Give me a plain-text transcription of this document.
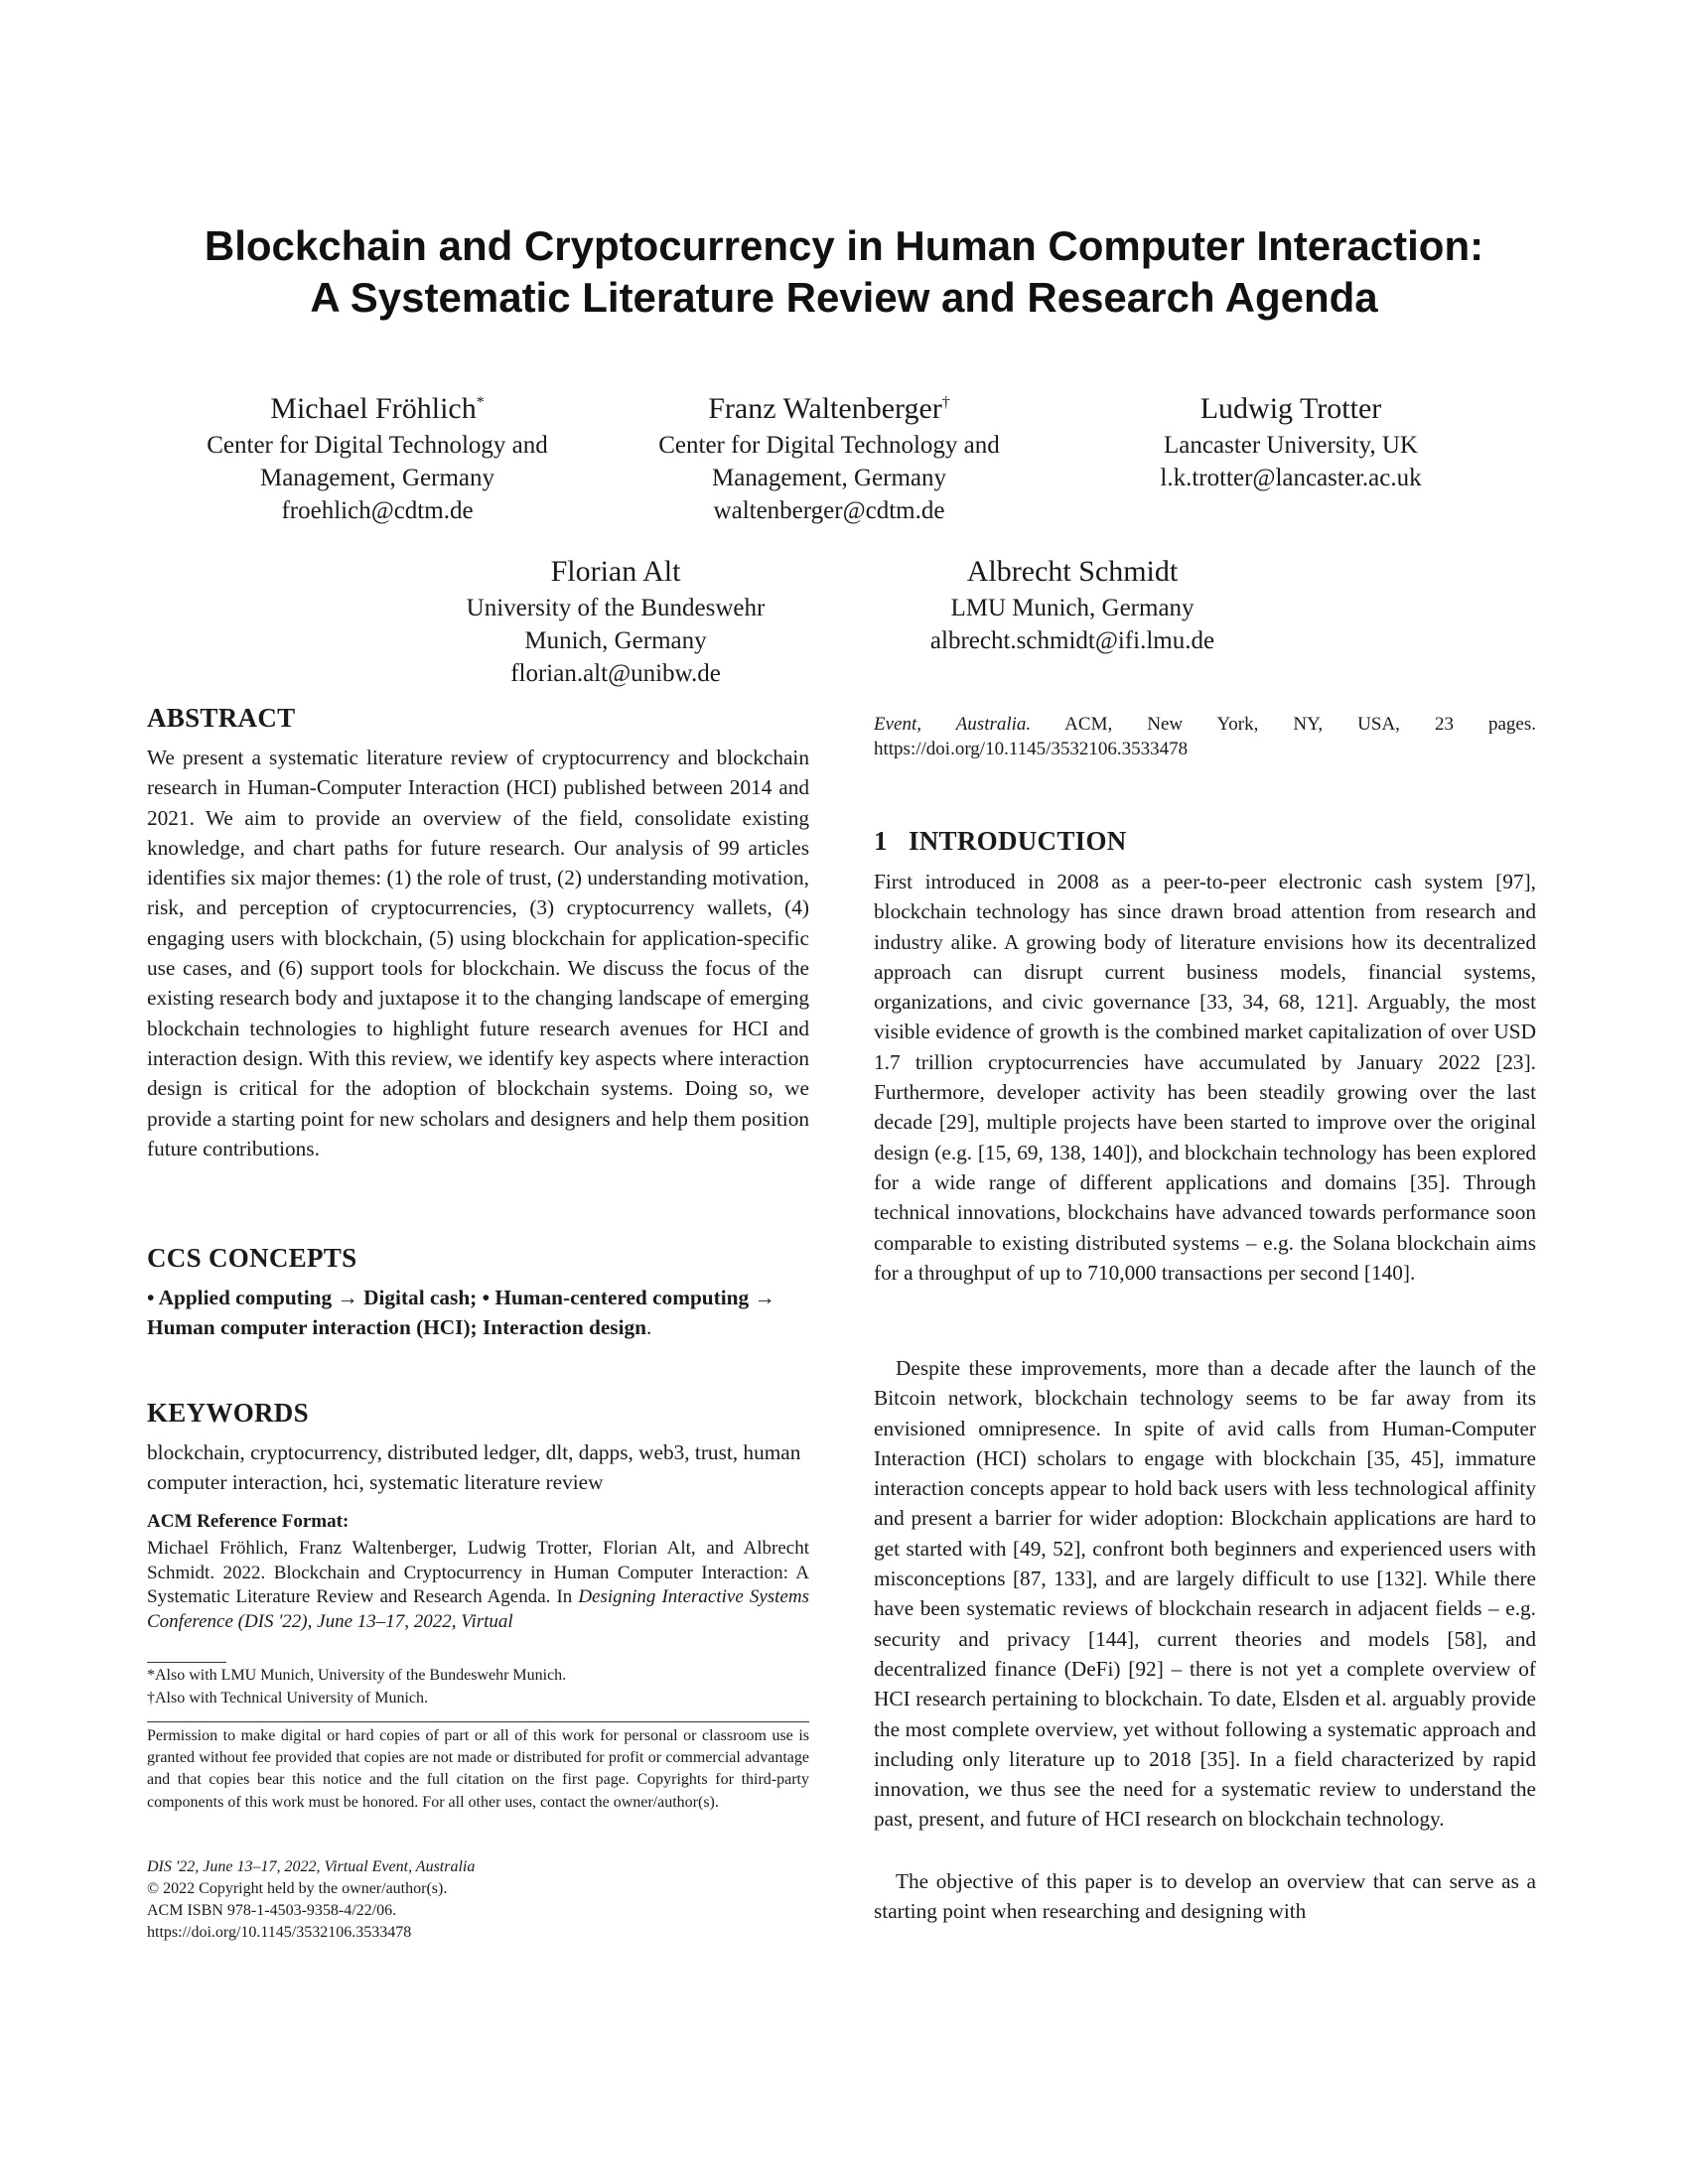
Blockchain and Cryptocurrency in Human Computer Interaction:
A Systematic Literature Review and Research Agenda
Michael Fröhlich*
Center for Digital Technology and
Management, Germany
froehlich@cdtm.de
Franz Waltenberger†
Center for Digital Technology and
Management, Germany
waltenberger@cdtm.de
Ludwig Trotter
Lancaster University, UK
l.k.trotter@lancaster.ac.uk
Florian Alt
University of the Bundeswehr
Munich, Germany
florian.alt@unibw.de
Albrecht Schmidt
LMU Munich, Germany
albrecht.schmidt@ifi.lmu.de
ABSTRACT
We present a systematic literature review of cryptocurrency and blockchain research in Human-Computer Interaction (HCI) published between 2014 and 2021. We aim to provide an overview of the field, consolidate existing knowledge, and chart paths for future research. Our analysis of 99 articles identifies six major themes: (1) the role of trust, (2) understanding motivation, risk, and perception of cryptocurrencies, (3) cryptocurrency wallets, (4) engaging users with blockchain, (5) using blockchain for application-specific use cases, and (6) support tools for blockchain. We discuss the focus of the existing research body and juxtapose it to the changing landscape of emerging blockchain technologies to highlight future research avenues for HCI and interaction design. With this review, we identify key aspects where interaction design is critical for the adoption of blockchain systems. Doing so, we provide a starting point for new scholars and designers and help them position future contributions.
CCS CONCEPTS
• Applied computing → Digital cash; • Human-centered computing → Human computer interaction (HCI); Interaction design.
KEYWORDS
blockchain, cryptocurrency, distributed ledger, dlt, dapps, web3, trust, human computer interaction, hci, systematic literature review
ACM Reference Format:
Michael Fröhlich, Franz Waltenberger, Ludwig Trotter, Florian Alt, and Albrecht Schmidt. 2022. Blockchain and Cryptocurrency in Human Computer Interaction: A Systematic Literature Review and Research Agenda. In Designing Interactive Systems Conference (DIS '22), June 13–17, 2022, Virtual
*Also with LMU Munich, University of the Bundeswehr Munich.
†Also with Technical University of Munich.
Permission to make digital or hard copies of part or all of this work for personal or classroom use is granted without fee provided that copies are not made or distributed for profit or commercial advantage and that copies bear this notice and the full citation on the first page. Copyrights for third-party components of this work must be honored. For all other uses, contact the owner/author(s).
DIS '22, June 13–17, 2022, Virtual Event, Australia
© 2022 Copyright held by the owner/author(s).
ACM ISBN 978-1-4503-9358-4/22/06.
https://doi.org/10.1145/3532106.3533478
Event, Australia. ACM, New York, NY, USA, 23 pages. https://doi.org/10.1145/3532106.3533478
1   INTRODUCTION
First introduced in 2008 as a peer-to-peer electronic cash system [97], blockchain technology has since drawn broad attention from research and industry alike. A growing body of literature envisions how its decentralized approach can disrupt current business models, financial systems, organizations, and civic governance [33, 34, 68, 121]. Arguably, the most visible evidence of growth is the combined market capitalization of over USD 1.7 trillion cryptocurrencies have accumulated by January 2022 [23]. Furthermore, developer activity has been steadily growing over the last decade [29], multiple projects have been started to improve over the original design (e.g. [15, 69, 138, 140]), and blockchain technology has been explored for a wide range of different applications and domains [35]. Through technical innovations, blockchains have advanced towards performance soon comparable to existing distributed systems – e.g. the Solana blockchain aims for a throughput of up to 710,000 transactions per second [140].
Despite these improvements, more than a decade after the launch of the Bitcoin network, blockchain technology seems to be far away from its envisioned omnipresence. In spite of avid calls from Human-Computer Interaction (HCI) scholars to engage with blockchain [35, 45], immature interaction concepts appear to hold back users with less technological affinity and present a barrier for wider adoption: Blockchain applications are hard to get started with [49, 52], confront both beginners and experienced users with misconceptions [87, 133], and are largely difficult to use [132]. While there have been systematic reviews of blockchain research in adjacent fields – e.g. security and privacy [144], current theories and models [58], and decentralized finance (DeFi) [92] – there is not yet a complete overview of HCI research pertaining to blockchain. To date, Elsden et al. arguably provide the most complete overview, yet without following a systematic approach and including only literature up to 2018 [35]. In a field characterized by rapid innovation, we thus see the need for a systematic review to understand the past, present, and future of HCI research on blockchain technology.
The objective of this paper is to develop an overview that can serve as a starting point when researching and designing with
